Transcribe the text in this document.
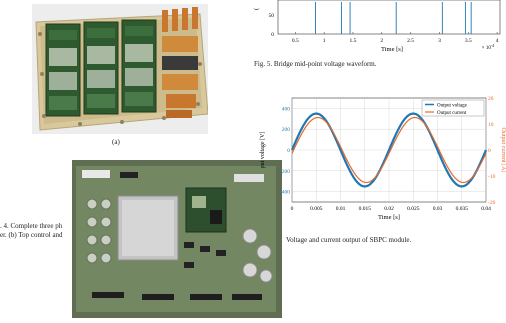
(a)
. 4. Complete three ph
er. (b) Top control and
(
50
0
0.5	1	1.5	2	2.5	3	3.5	4
Time [s]	× $10^{-4}$
Fig. 5. Bridge mid-point voltage waveform.
400
200
0
-200
-400
20
10
0
-10
-20
0	0.005 0.01 0.015 0.02 0.025 0.03 0.035 0.04
Output voltage
Output current
put voltage [V]	Output current [A]
Time [s]
Voltage and current output of SBPC module.
